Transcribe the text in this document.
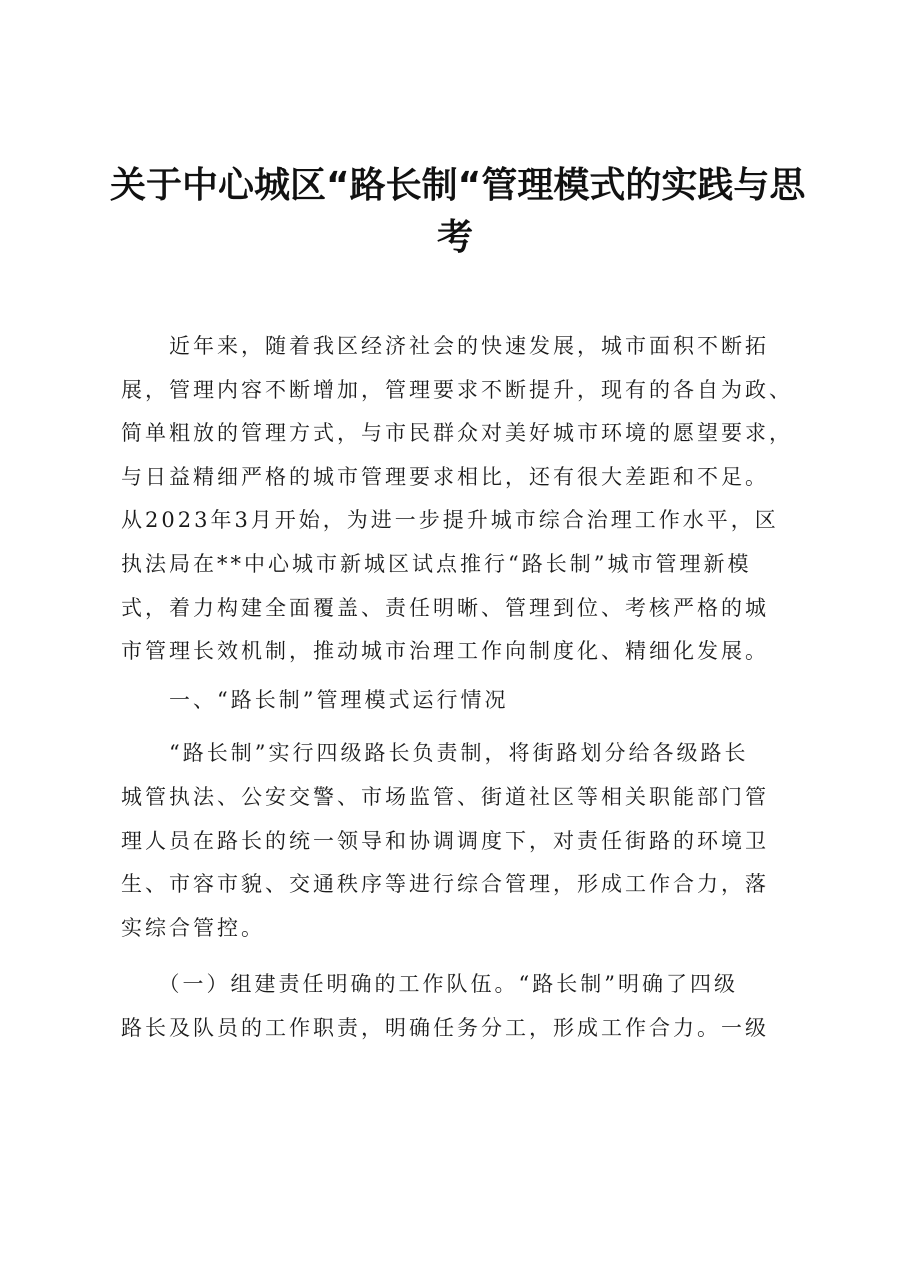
关于中心城区“路长制“管理模式的实践与思
考

　　近年来，随着我区经济社会的快速发展，城市面积不断拓
展，管理内容不断增加，管理要求不断提升，现有的各自为政、
简单粗放的管理方式，与市民群众对美好城市环境的愿望要求，
与日益精细严格的城市管理要求相比，还有很大差距和不足。
从2023年3月开始，为进一步提升城市综合治理工作水平，区
执法局在**中心城市新城区试点推行“路长制”城市管理新模
式，着力构建全面覆盖、责任明晰、管理到位、考核严格的城
市管理长效机制，推动城市治理工作向制度化、精细化发展。

　　一、“路长制”管理模式运行情况

　　“路长制”实行四级路长负责制，将街路划分给各级路长
城管执法、公安交警、市场监管、街道社区等相关职能部门管
理人员在路长的统一领导和协调调度下，对责任街路的环境卫
生、市容市貌、交通秩序等进行综合管理，形成工作合力，落
实综合管控。

　　（一）组建责任明确的工作队伍。“路长制”明确了四级
路长及队员的工作职责，明确任务分工，形成工作合力。一级
